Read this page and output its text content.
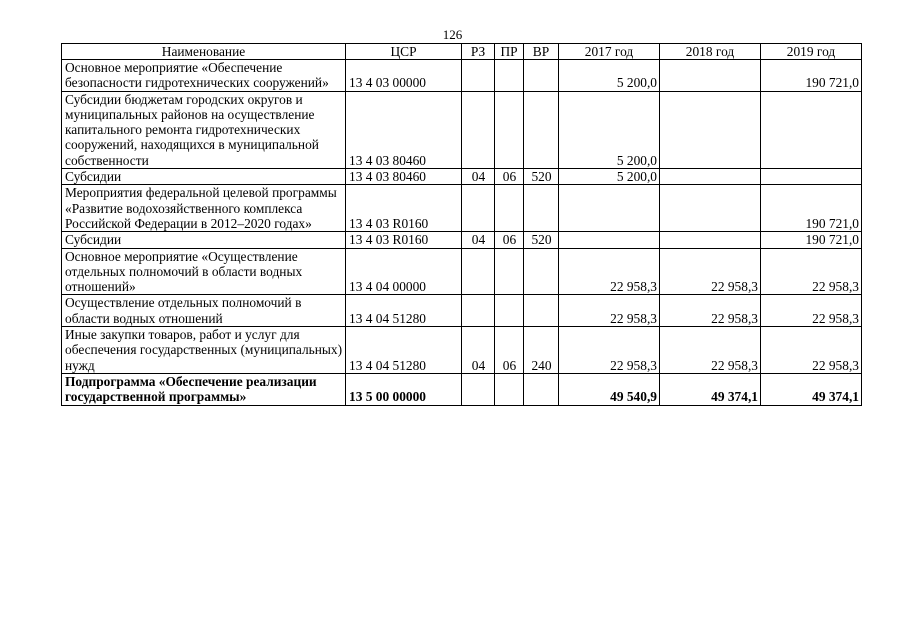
126
Наименование	ЦСР	РЗ	ПР	ВР	2017 год	2018 год	2019 год
Основное мероприятие «Обеспечение безопасности гидротехнических сооружений»	13 4 03 00000				5 200,0		190 721,0
Субсидии бюджетам городских округов и муниципальных районов на осуществление капитального ремонта гидротехнических сооружений, находящихся в муниципальной собственности	13 4 03 80460				5 200,0		
Субсидии	13 4 03 80460	04	06	520	5 200,0		
Мероприятия федеральной целевой программы «Развитие водохозяйственного комплекса Российской Федерации в 2012–2020 годах»	13 4 03 R0160						190 721,0
Субсидии	13 4 03 R0160	04	06	520			190 721,0
Основное мероприятие «Осуществление отдельных полномочий в области водных отношений»	13 4 04 00000				22 958,3	22 958,3	22 958,3
Осуществление отдельных полномочий в области водных отношений	13 4 04 51280				22 958,3	22 958,3	22 958,3
Иные закупки товаров, работ и услуг для обеспечения государственных (муниципальных) нужд	13 4 04 51280	04	06	240	22 958,3	22 958,3	22 958,3
Подпрограмма «Обеспечение реализации государственной программы»	13 5 00 00000				49 540,9	49 374,1	49 374,1
